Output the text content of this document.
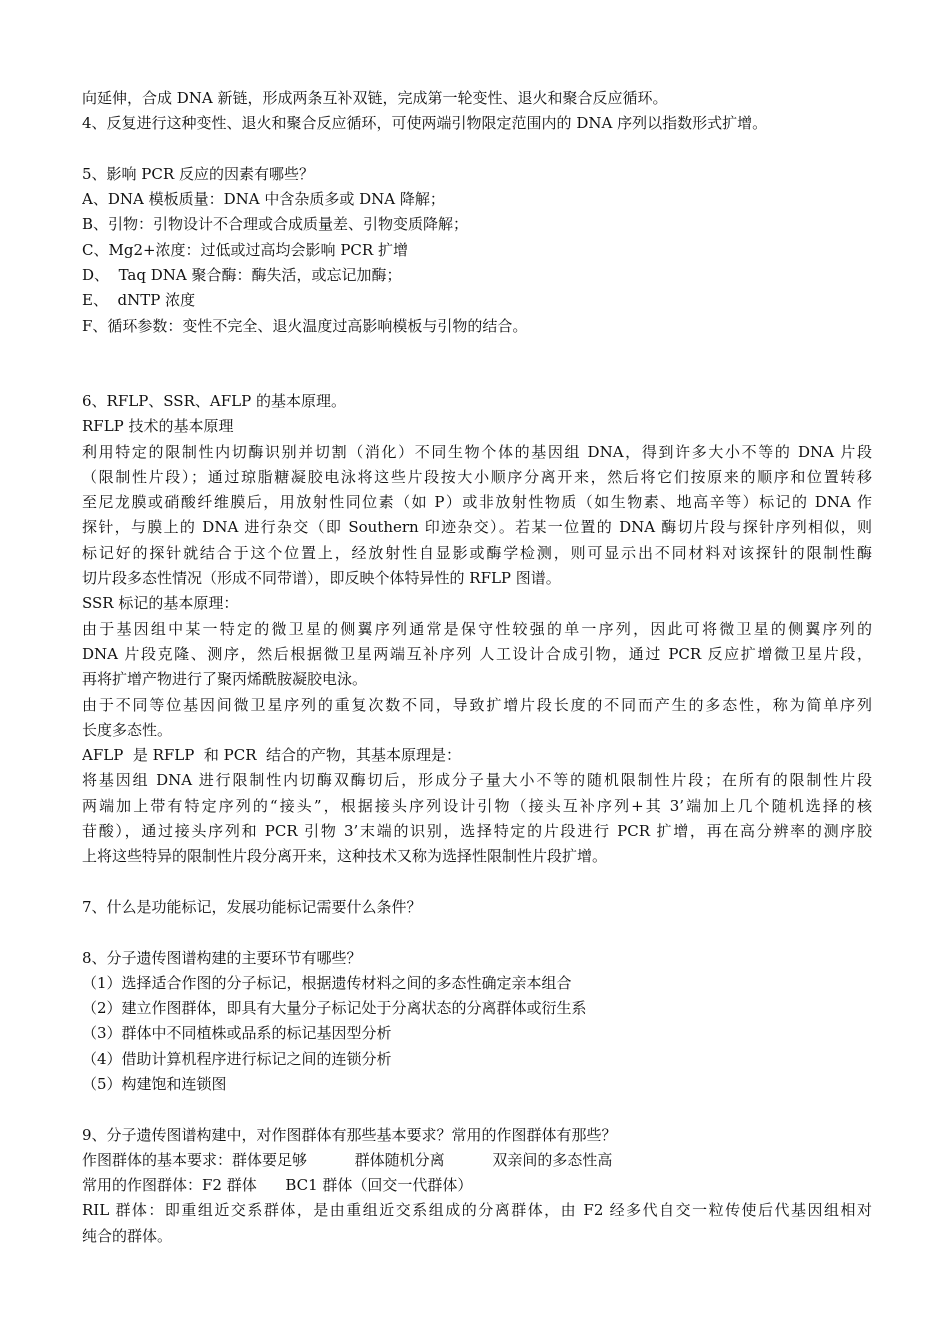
向延伸，合成 DNA 新链，形成两条互补双链，完成第一轮变性、退火和聚合反应循环。
4、反复进行这种变性、退火和聚合反应循环，可使两端引物限定范围内的 DNA 序列以指数形式扩增。
5、影响 PCR 反应的因素有哪些？
A、DNA 模板质量：DNA 中含杂质多或 DNA 降解；
B、引物：引物设计不合理或合成质量差、引物变质降解；
C、Mg2+浓度：过低或过高均会影响 PCR 扩增
D、  Taq DNA 聚合酶：酶失活，或忘记加酶；
E、  dNTP 浓度
F、循环参数：变性不完全、退火温度过高影响模板与引物的结合。
6、RFLP、SSR、AFLP 的基本原理。
RFLP 技术的基本原理
利用特定的限制性内切酶识别并切割（消化）不同生物个体的基因组 DNA，得到许多大小不等的 DNA 片段
（限制性片段）；通过琼脂糖凝胶电泳将这些片段按大小顺序分离开来，然后将它们按原来的顺序和位置转移
至尼龙膜或硝酸纤维膜后，用放射性同位素（如 P）或非放射性物质（如生物素、地高辛等）标记的 DNA 作
探针，与膜上的 DNA 进行杂交（即 Southern 印迹杂交）。若某一位置的 DNA 酶切片段与探针序列相似，则
标记好的探针就结合于这个位置上，经放射性自显影或酶学检测，则可显示出不同材料对该探针的限制性酶
切片段多态性情况（形成不同带谱），即反映个体特异性的 RFLP 图谱。
SSR 标记的基本原理：
由于基因组中某一特定的微卫星的侧翼序列通常是保守性较强的单一序列，因此可将微卫星的侧翼序列的
DNA 片段克隆、测序，然后根据微卫星两端互补序列 人工设计合成引物，通过 PCR 反应扩增微卫星片段，
再将扩增产物进行了聚丙烯酰胺凝胶电泳。
由于不同等位基因间微卫星序列的重复次数不同，导致扩增片段长度的不同而产生的多态性，称为简单序列
长度多态性。
AFLP  是 RFLP  和 PCR  结合的产物，其基本原理是：
将基因组 DNA 进行限制性内切酶双酶切后，形成分子量大小不等的随机限制性片段；在所有的限制性片段
两端加上带有特定序列的“接头”，根据接头序列设计引物（接头互补序列+其 3’端加上几个随机选择的核
苷酸），通过接头序列和 PCR 引物 3’末端的识别，选择特定的片段进行 PCR 扩增，再在高分辨率的测序胶
上将这些特异的限制性片段分离开来，这种技术又称为选择性限制性片段扩增。
7、什么是功能标记，发展功能标记需要什么条件？
8、分子遗传图谱构建的主要环节有哪些？
（1）选择适合作图的分子标记，根据遗传材料之间的多态性确定亲本组合
（2）建立作图群体，即具有大量分子标记处于分离状态的分离群体或衍生系
（3）群体中不同植株或品系的标记基因型分析
（4）借助计算机程序进行标记之间的连锁分析
（5）构建饱和连锁图
9、分子遗传图谱构建中，对作图群体有那些基本要求？常用的作图群体有那些？
作图群体的基本要求：群体要足够          群体随机分离          双亲间的多态性高
常用的作图群体：F2 群体      BC1 群体（回交一代群体）
RIL 群体：即重组近交系群体，是由重组近交系组成的分离群体，由 F2 经多代自交一粒传使后代基因组相对
纯合的群体。
